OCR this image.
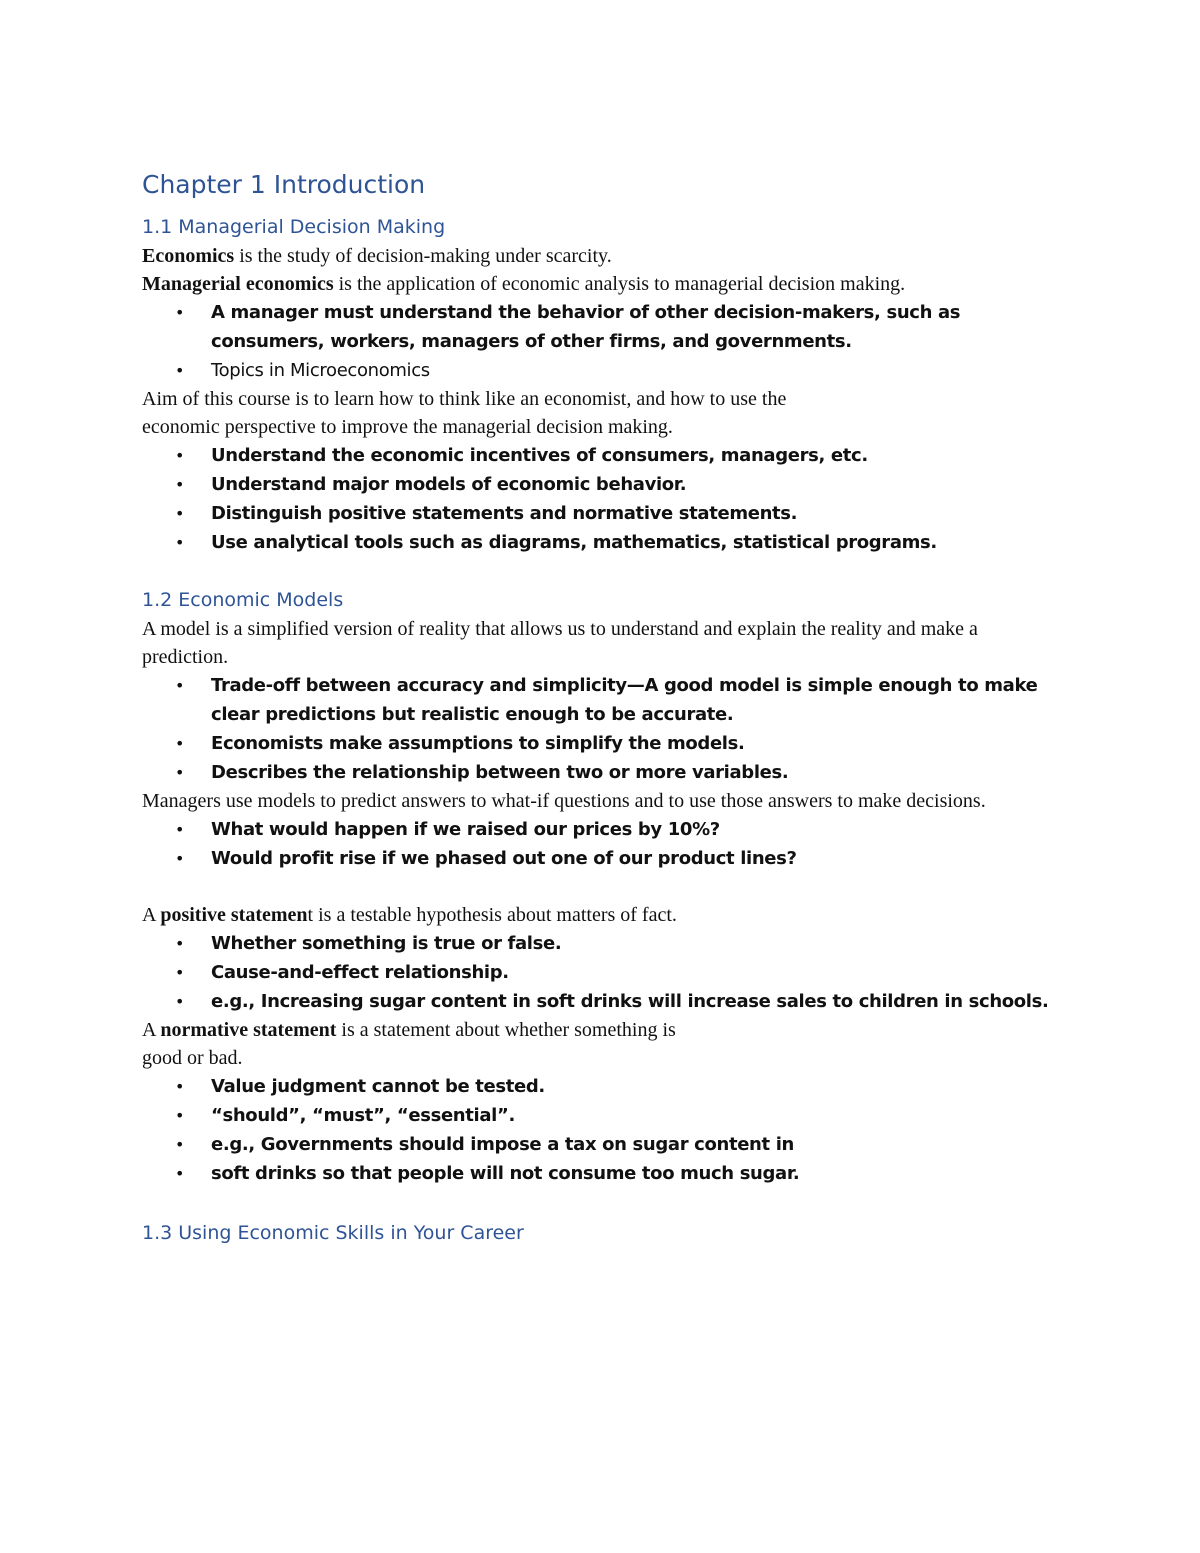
Chapter 1 Introduction
1.1 Managerial Decision Making

Economics is the study of decision-making under scarcity.

Managerial economics is the application of economic analysis to managerial decision making.

• A manager must understand the behavior of other decision-makers, such as consumers, workers, managers of other firms, and governments.
• Topics in Microeconomics

Aim of this course is to learn how to think like an economist, and how to use the

economic perspective to improve the managerial decision making.

• Understand the economic incentives of consumers, managers, etc.
• Understand major models of economic behavior.
• Distinguish positive statements and normative statements.
• Use analytical tools such as diagrams, mathematics, statistical programs.
1.2 Economic Models

A model is a simplified version of reality that allows us to understand and explain the reality and make a prediction.

• Trade-off between accuracy and simplicity—A good model is simple enough to make clear predictions but realistic enough to be accurate.
• Economists make assumptions to simplify the models.
• Describes the relationship between two or more variables.

Managers use models to predict answers to what-if questions and to use those answers to make decisions.

• What would happen if we raised our prices by 10%?
• Would profit rise if we phased out one of our product lines?

A positive statement is a testable hypothesis about matters of fact.

• Whether something is true or false.
• Cause-and-effect relationship.
• e.g., Increasing sugar content in soft drinks will increase sales to children in schools.

A normative statement is a statement about whether something is

good or bad.

• Value judgment cannot be tested.
• “should”, “must”, “essential”.
• e.g., Governments should impose a tax on sugar content in
• soft drinks so that people will not consume too much sugar.
1.3 Using Economic Skills in Your Career
